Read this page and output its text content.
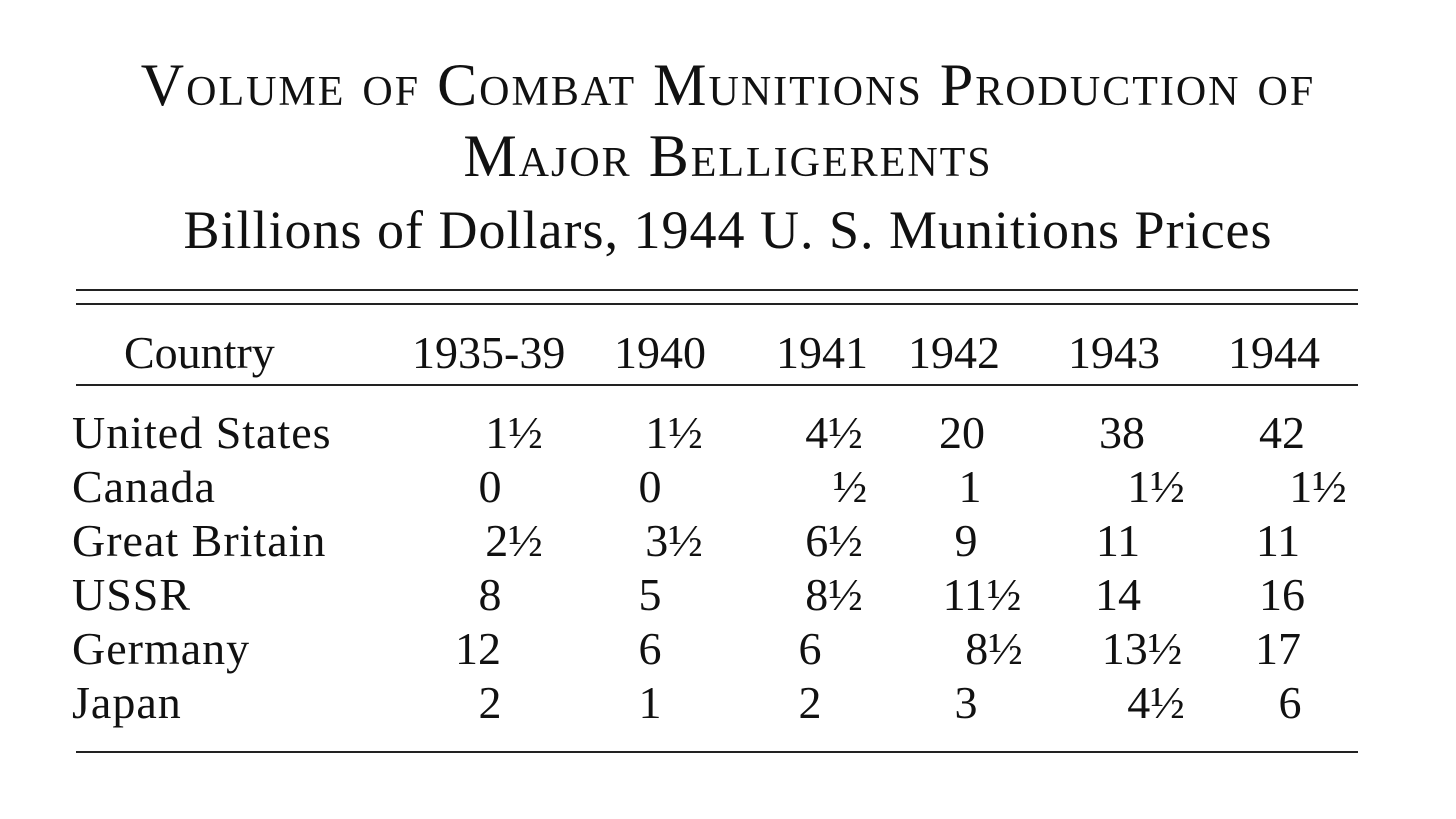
Volume of Combat Munitions Production of
Major Belligerents
Billions of Dollars, 1944 U. S. Munitions Prices
Country	1935-39 1940 1941 1942 1943 1944
United States	1½	1½	4½	20	38	42
Canada	0	0	½	1	1½	1½
Great Britain	2½	3½	6½	9	11	11
USSR	8	5	8½	11½	14	16
Germany	12	6	6	8½	13½	17
Japan	2	1	2	3	4½	6
